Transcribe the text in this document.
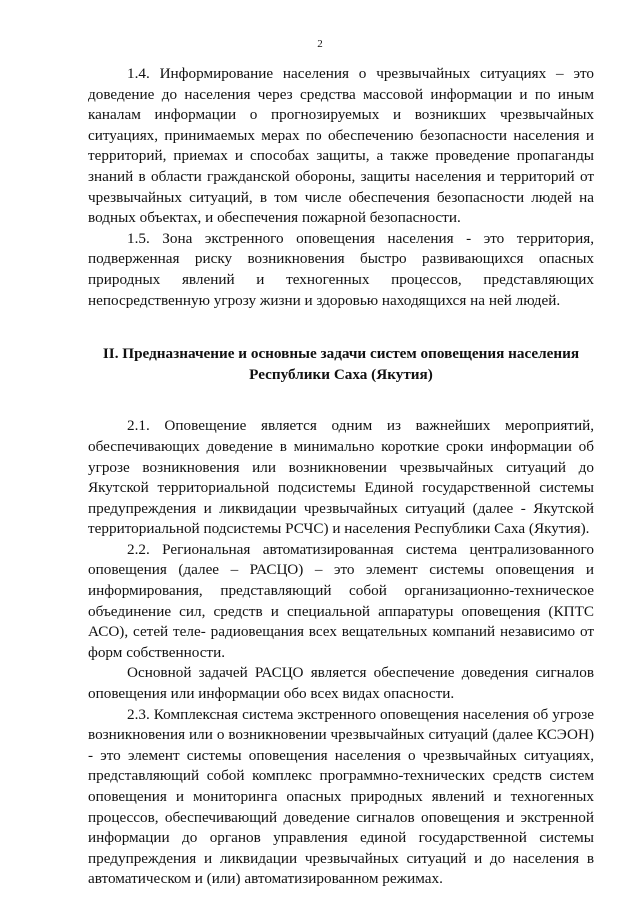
2

1.4. Информирование населения о чрезвычайных ситуациях – это доведение до населения через средства массовой информации и по иным каналам информации о прогнозируемых и возникших чрезвычайных ситуациях, принимаемых мерах по обеспечению безопасности населения и территорий, приемах и способах защиты, а также проведение пропаганды знаний в области гражданской обороны, защиты населения и территорий от чрезвычайных ситуаций, в том числе обеспечения безопасности людей на водных объектах, и обеспечения пожарной безопасности.

1.5. Зона экстренного оповещения населения - это территория, подверженная риску возникновения быстро развивающихся опасных природных явлений и техногенных процессов, представляющих непосредственную угрозу жизни и здоровью находящихся на ней людей.

II. Предназначение и основные задачи систем оповещения населения
Республики Саха (Якутия)

2.1. Оповещение является одним из важнейших мероприятий, обеспечивающих доведение в минимально короткие сроки информации об угрозе возникновения или возникновении чрезвычайных ситуаций до Якутской территориальной подсистемы Единой государственной системы предупреждения и ликвидации чрезвычайных ситуаций (далее - Якутской территориальной подсистемы РСЧС) и населения Республики Саха (Якутия).

2.2. Региональная автоматизированная система централизованного оповещения (далее – РАСЦО) – это элемент системы оповещения и информирования, представляющий собой организационно-техническое объединение сил, средств и специальной аппаратуры оповещения (КПТС АСО), сетей теле- радиовещания всех вещательных компаний независимо от форм собственности.

Основной задачей РАСЦО является обеспечение доведения сигналов оповещения или информации обо всех видах опасности.

2.3. Комплексная система экстренного оповещения населения об угрозе возникновения или о возникновении чрезвычайных ситуаций (далее КСЭОН) - это элемент системы оповещения населения о чрезвычайных ситуациях, представляющий собой комплекс программно-технических средств систем оповещения и мониторинга опасных природных явлений и техногенных процессов, обеспечивающий доведение сигналов оповещения и экстренной информации до органов управления единой государственной системы предупреждения и ликвидации чрезвычайных ситуаций и до населения в автоматическом и (или) автоматизированном режимах.
